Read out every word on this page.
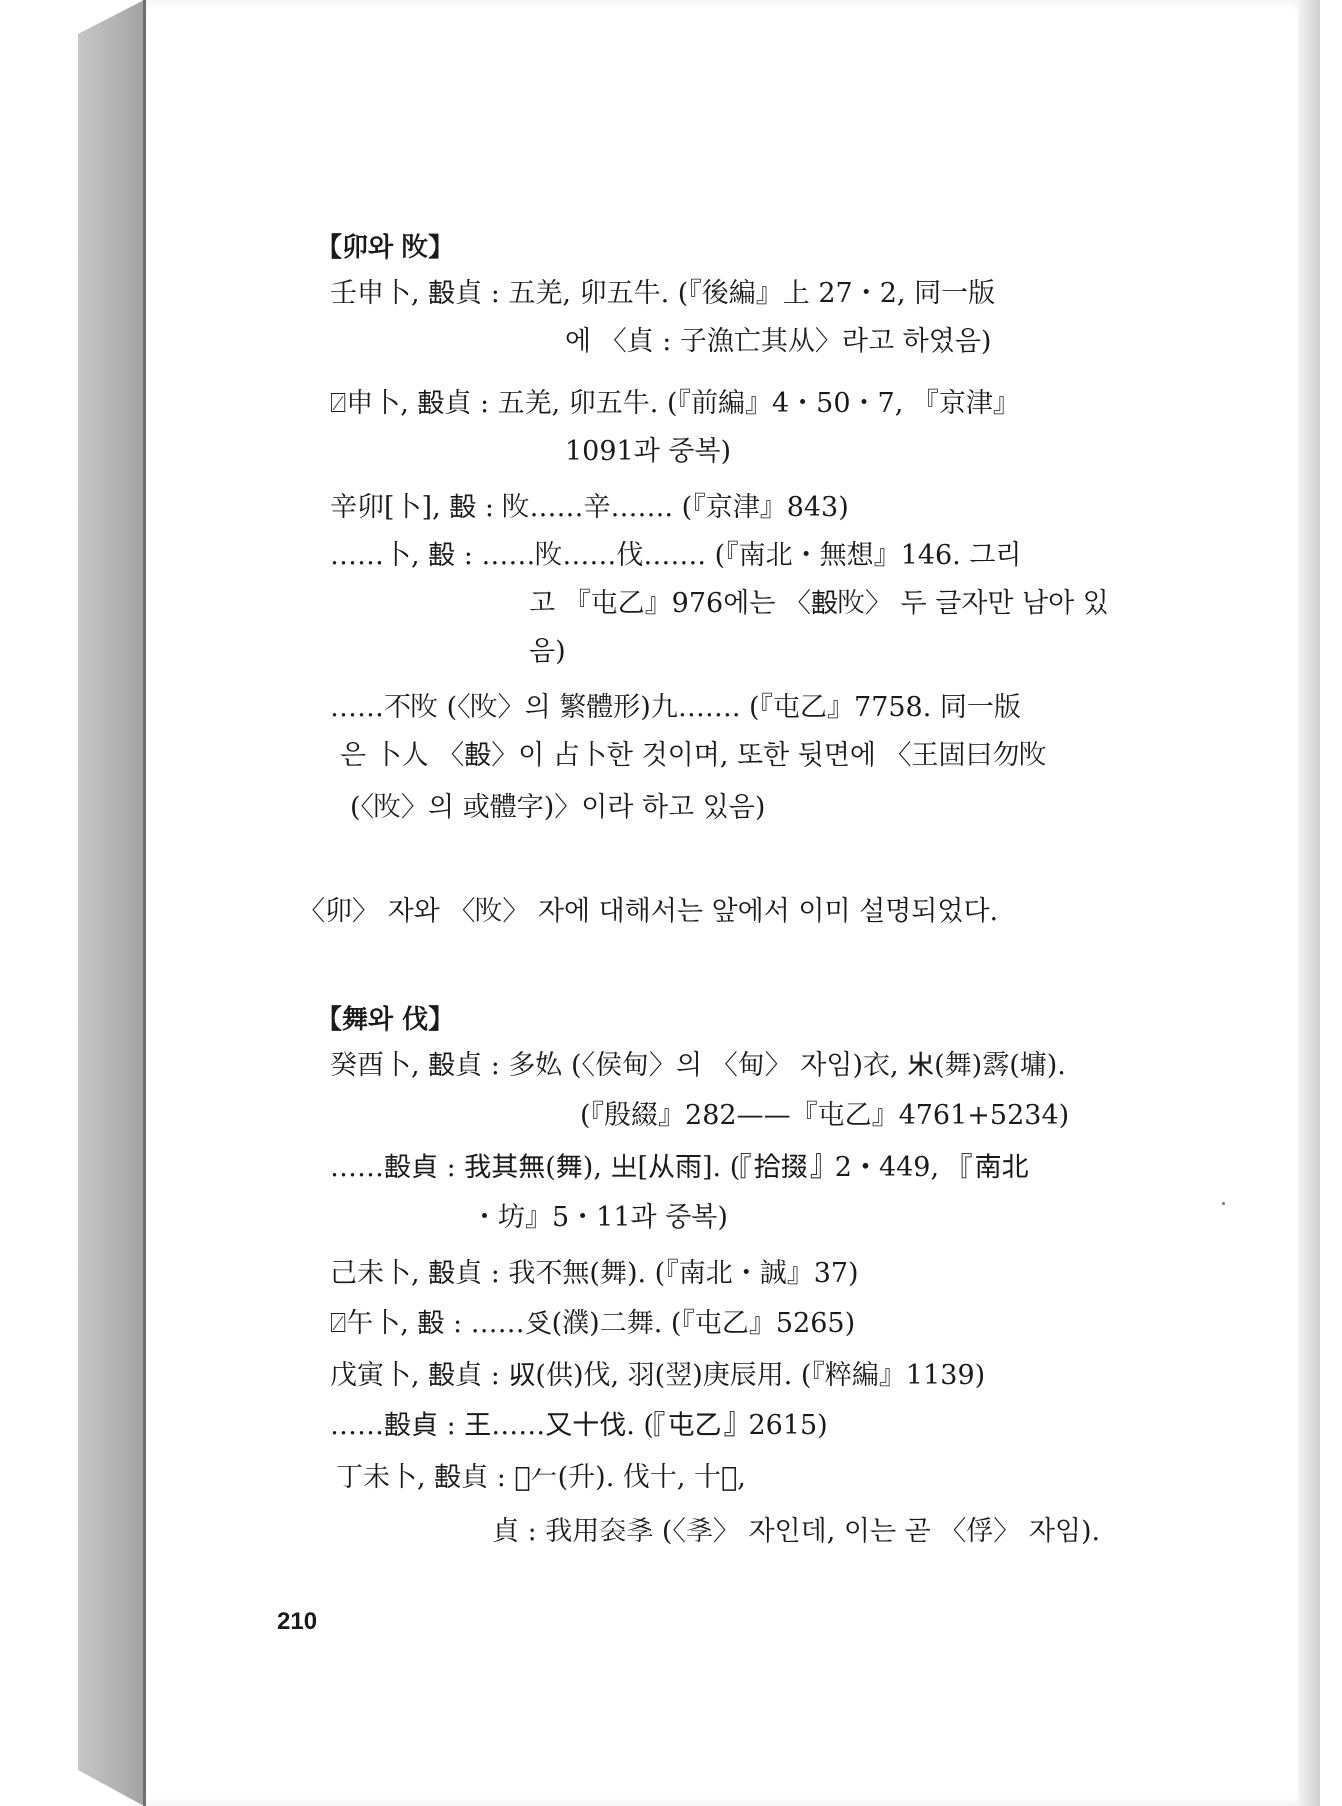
【卯와 𢻮】
壬申卜, 𣪠貞 : 五羌, 卯五牛. (『後編』上 27・2, 同一版
에 〈貞 : 子漁亡其从〉라고 하였음)
⍁申卜, 𣪠貞 : 五羌, 卯五牛. (『前編』4・50・7, 『京津』
1091과 중복)
辛卯[卜], 𣪠 : 𢻮……辛……. (『京津』843)
……卜, 𣪠 : ……𢻮……伐……. (『南北・無想』146. 그리
고 『屯乙』976에는 〈𣪠𢻮〉 두 글자만 남아 있
음)
……不𢻮 (〈𢻮〉의 繁體形)九……. (『屯乙』7758. 同一版
은 卜人 〈𣪠〉이 占卜한 것이며, 또한 뒷면에 〈王固曰勿𢻮
(〈𢻮〉의 或體字)〉이라 하고 있음)
〈卯〉 자와 〈𢻮〉 자에 대해서는 앞에서 이미 설명되었다.
【舞와 伐】
癸酉卜, 𣪠貞 : 多𡚸 (〈侯甸〉의 〈甸〉 자임)衣, 𣎵(舞)𩃬(墉).
(『殷綴』282——『屯乙』4761+5234)
……𣪠貞 : 我其無(舞), 㞢[从雨]. (『拾掇』2・449, 『南北
・坊』5・11과 중복)
己未卜, 𣪠貞 : 我不無(舞). (『南北・誠』37)
⍁午卜, 𣪠 : ……𠬪(濮)二舞. (『屯乙』5265)
戊寅卜, 𣪠貞 : 𠬞(供)伐, 羽(翌)庚辰用. (『粹編』1139)
……𣪠貞 : 王……又十伐. (『屯乙』2615)
丁未卜, 𣪠貞 : 𨡦𠂉(升). 伐十, 十𡆥,
貞 : 我用𡘚𡥈 (〈𡥈〉 자인데, 이는 곧 〈俘〉 자임).
210
